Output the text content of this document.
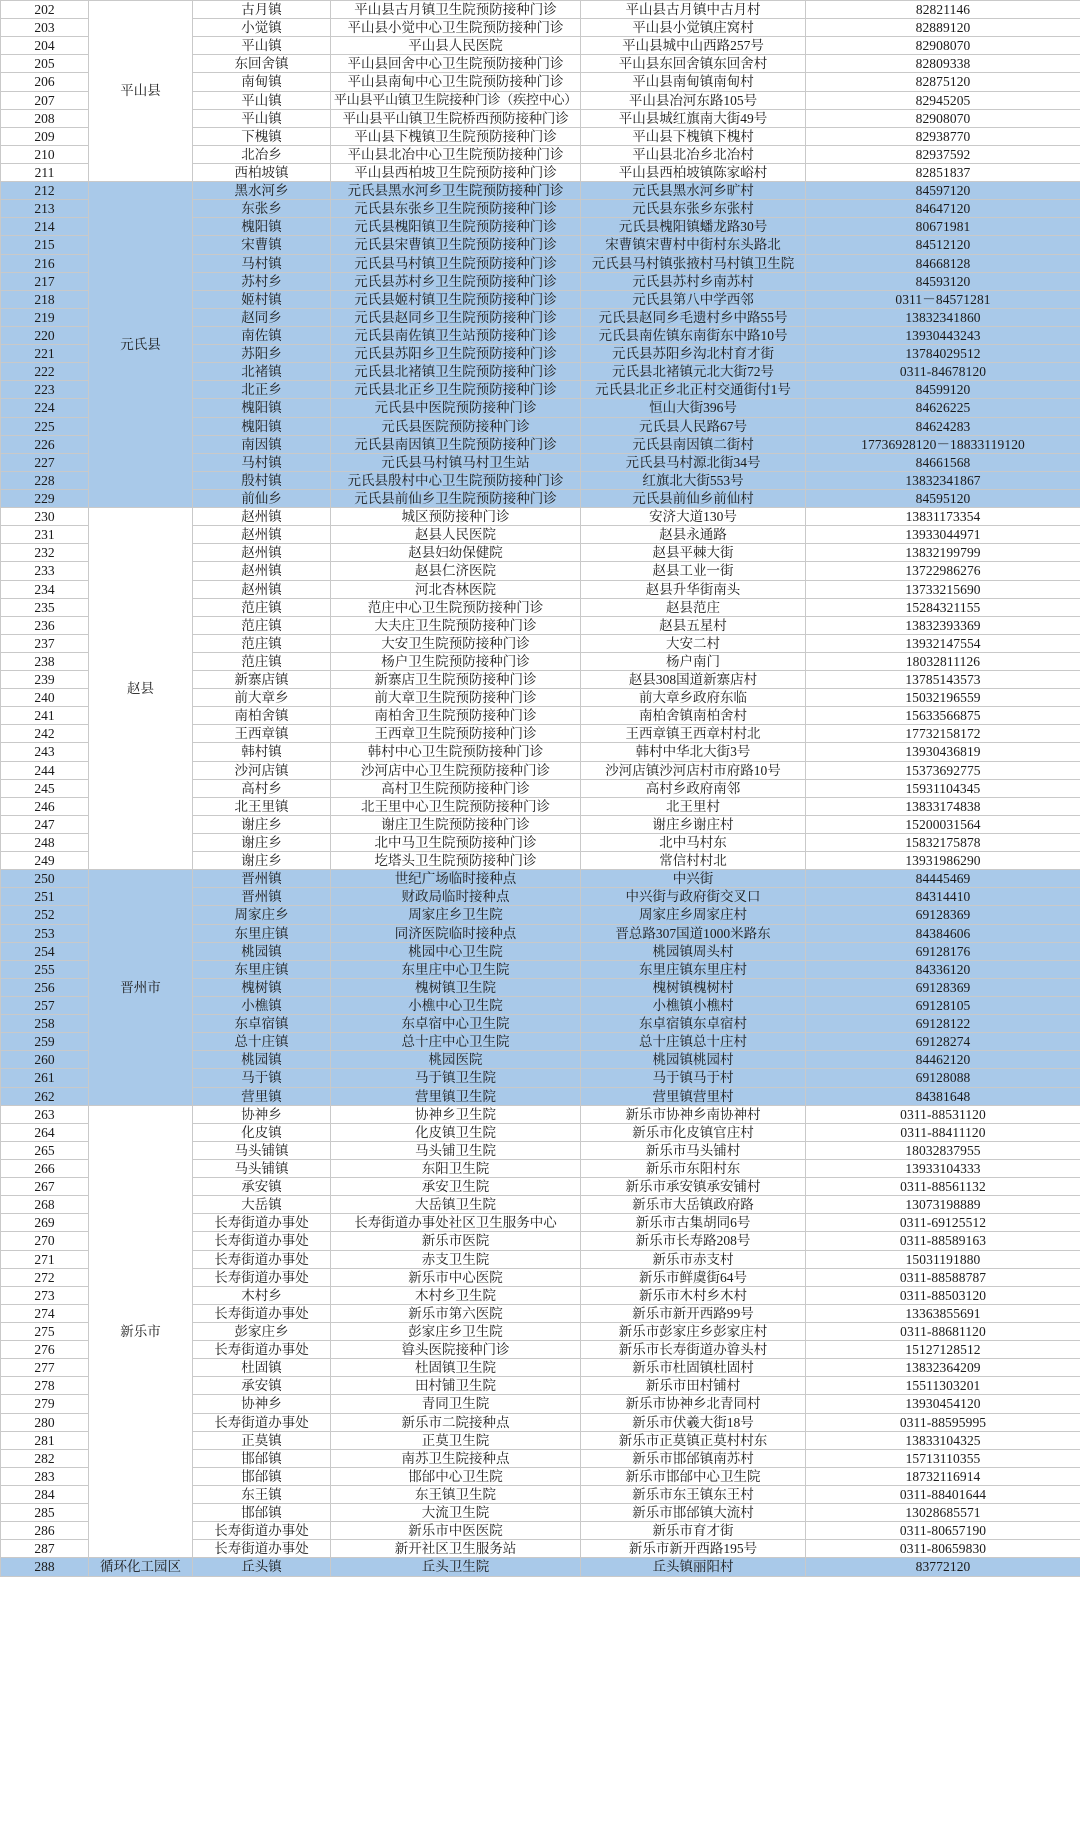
202	平山县	古月镇	平山县古月镇卫生院预防接种门诊	平山县古月镇中古月村	82821146
203		小觉镇	平山县小觉中心卫生院预防接种门诊	平山县小觉镇庄窝村	82889120
204		平山镇	平山县人民医院	平山县城中山西路257号	82908070
205		东回舍镇	平山县回舍中心卫生院预防接种门诊	平山县东回舍镇东回舍村	82809338
206		南甸镇	平山县南甸中心卫生院预防接种门诊	平山县南甸镇南甸村	82875120
207		平山镇	平山县平山镇卫生院接种门诊（疾控中心）	平山县冶河东路105号	82945205
208		平山镇	平山县平山镇卫生院桥西预防接种门诊	平山县城红旗南大街49号	82908070
209		下槐镇	平山县下槐镇卫生院预防接种门诊	平山县下槐镇下槐村	82938770
210		北冶乡	平山县北冶中心卫生院预防接种门诊	平山县北冶乡北冶村	82937592
211		西柏坡镇	平山县西柏坡卫生院预防接种门诊	平山县西柏坡镇陈家峪村	82851837
212	元氏县	黑水河乡	元氏县黑水河乡卫生院预防接种门诊	元氏县黑水河乡旷村	84597120
213		东张乡	元氏县东张乡卫生院预防接种门诊	元氏县东张乡东张村	84647120
214		槐阳镇	元氏县槐阳镇卫生院预防接种门诊	元氏县槐阳镇蟠龙路30号	80671981
215		宋曹镇	元氏县宋曹镇卫生院预防接种门诊	宋曹镇宋曹村中街村东头路北	84512120
216		马村镇	元氏县马村镇卫生院预防接种门诊	元氏县马村镇张掖村马村镇卫生院	84668128
217		苏村乡	元氏县苏村乡卫生院预防接种门诊	元氏县苏村乡南苏村	84593120
218		姬村镇	元氏县姬村镇卫生院预防接种门诊	元氏县第八中学西邻	0311－84571281
219		赵同乡	元氏县赵同乡卫生院预防接种门诊	元氏县赵同乡毛遗村乡中路55号	13832341860
220		南佐镇	元氏县南佐镇卫生站预防接种门诊	元氏县南佐镇东南街东中路10号	13930443243
221		苏阳乡	元氏县苏阳乡卫生院预防接种门诊	元氏县苏阳乡沟北村育才街	13784029512
222		北褚镇	元氏县北褚镇卫生院预防接种门诊	元氏县北褚镇元北大街72号	0311-84678120
223		北正乡	元氏县北正乡卫生院预防接种门诊	元氏县北正乡北正村交通街付1号	84599120
224		槐阳镇	元氏县中医院预防接种门诊	恒山大街396号	84626225
225		槐阳镇	元氏县医院预防接种门诊	元氏县人民路67号	84624283
226		南因镇	元氏县南因镇卫生院预防接种门诊	元氏县南因镇二街村	17736928120－18833119120
227		马村镇	元氏县马村镇马村卫生站	元氏县马村源北街34号	84661568
228		殷村镇	元氏县殷村中心卫生院预防接种门诊	红旗北大街553号	13832341867
229		前仙乡	元氏县前仙乡卫生院预防接种门诊	元氏县前仙乡前仙村	84595120
230	赵县	赵州镇	城区预防接种门诊	安济大道130号	13831173354
231		赵州镇	赵县人民医院	赵县永通路	13933044971
232		赵州镇	赵县妇幼保健院	赵县平棘大街	13832199799
233		赵州镇	赵县仁济医院	赵县工业一街	13722986276
234		赵州镇	河北杏林医院	赵县升华街南头	13733215690
235		范庄镇	范庄中心卫生院预防接种门诊	赵县范庄	15284321155
236		范庄镇	大夫庄卫生院预防接种门诊	赵县五星村	13832393369
237		范庄镇	大安卫生院预防接种门诊	大安二村	13932147554
238		范庄镇	杨户卫生院预防接种门诊	杨户南门	18032811126
239		新寨店镇	新寨店卫生院预防接种门诊	赵县308国道新寨店村	13785143573
240		前大章乡	前大章卫生院预防接种门诊	前大章乡政府东临	15032196559
241		南柏舍镇	南柏舍卫生院预防接种门诊	南柏舍镇南柏舍村	15633566875
242		王西章镇	王西章卫生院预防接种门诊	王西章镇王西章村村北	17732158172
243		韩村镇	韩村中心卫生院预防接种门诊	韩村中华北大街3号	13930436819
244		沙河店镇	沙河店中心卫生院预防接种门诊	沙河店镇沙河店村市府路10号	15373692775
245		高村乡	高村卫生院预防接种门诊	高村乡政府南邻	15931104345
246		北王里镇	北王里中心卫生院预防接种门诊	北王里村	13833174838
247		谢庄乡	谢庄卫生院预防接种门诊	谢庄乡谢庄村	15200031564
248		谢庄乡	北中马卫生院预防接种门诊	北中马村东	15832175878
249		谢庄乡	圪塔头卫生院预防接种门诊	常信村村北	13931986290
250	晋州市	晋州镇	世纪广场临时接种点	中兴街	84445469
251		晋州镇	财政局临时接种点	中兴街与政府街交叉口	84314410
252		周家庄乡	周家庄乡卫生院	周家庄乡周家庄村	69128369
253		东里庄镇	同济医院临时接种点	晋总路307国道1000米路东	84384606
254		桃园镇	桃园中心卫生院	桃园镇周头村	69128176
255		东里庄镇	东里庄中心卫生院	东里庄镇东里庄村	84336120
256		槐树镇	槐树镇卫生院	槐树镇槐树村	69128369
257		小樵镇	小樵中心卫生院	小樵镇小樵村	69128105
258		东卓宿镇	东卓宿中心卫生院	东卓宿镇东卓宿村	69128122
259		总十庄镇	总十庄中心卫生院	总十庄镇总十庄村	69128274
260		桃园镇	桃园医院	桃园镇桃园村	84462120
261		马于镇	马于镇卫生院	马于镇马于村	69128088
262		营里镇	营里镇卫生院	营里镇营里村	84381648
263	新乐市	协神乡	协神乡卫生院	新乐市协神乡南协神村	0311-88531120
264		化皮镇	化皮镇卫生院	新乐市化皮镇官庄村	0311-88411120
265		马头铺镇	马头铺卫生院	新乐市马头铺村	18032837955
266		马头铺镇	东阳卫生院	新乐市东阳村东	13933104333
267		承安镇	承安卫生院	新乐市承安镇承安铺村	0311-88561132
268		大岳镇	大岳镇卫生院	新乐市大岳镇政府路	13073198889
269		长寿街道办事处	长寿街道办事处社区卫生服务中心	新乐市古集胡同6号	0311-69125512
270		长寿街道办事处	新乐市医院	新乐市长寿路208号	0311-88589163
271		长寿街道办事处	赤支卫生院	新乐市赤支村	15031191880
272		长寿街道办事处	新乐市中心医院	新乐市鲜虞街64号	0311-88588787
273		木村乡	木村乡卫生院	新乐市木村乡木村	0311-88503120
274		长寿街道办事处	新乐市第六医院	新乐市新开西路99号	13363855691
275		彭家庄乡	彭家庄乡卫生院	新乐市彭家庄乡彭家庄村	0311-88681120
276		长寿街道办事处	㽏头医院接种门诊	新乐市长寿街道办㽏头村	15127128512
277		杜固镇	杜固镇卫生院	新乐市杜固镇杜固村	13832364209
278		承安镇	田村铺卫生院	新乐市田村铺村	15511303201
279		协神乡	青同卫生院	新乐市协神乡北青同村	13930454120
280		长寿街道办事处	新乐市二院接种点	新乐市伏羲大街18号	0311-88595995
281		正莫镇	正莫卫生院	新乐市正莫镇正莫村村东	13833104325
282		邯邰镇	南苏卫生院接种点	新乐市邯邰镇南苏村	15713110355
283		邯邰镇	邯邰中心卫生院	新乐市邯邰中心卫生院	18732116914
284		东王镇	东王镇卫生院	新乐市东王镇东王村	0311-88401644
285		邯邰镇	大流卫生院	新乐市邯邰镇大流村	13028685571
286		长寿街道办事处	新乐市中医医院	新乐市育才街	0311-80657190
287		长寿街道办事处	新开社区卫生服务站	新乐市新开西路195号	0311-80659830
288	循环化工园区	丘头镇	丘头卫生院	丘头镇丽阳村	83772120
